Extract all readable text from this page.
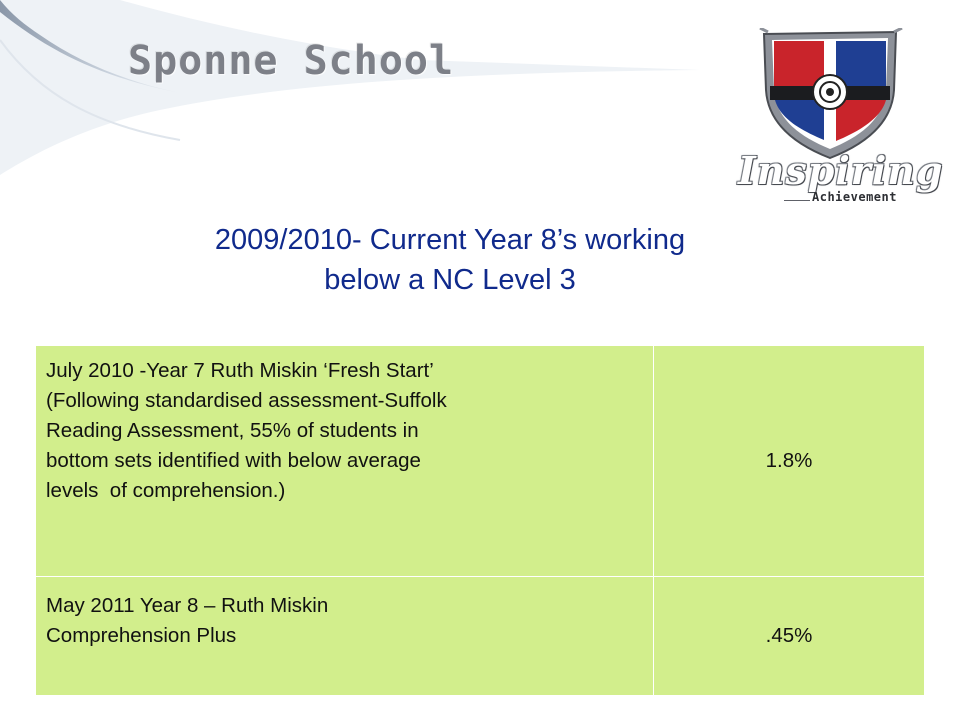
Sponne School
Inspiring
Achievement
2009/2010- Current Year 8’s working
below a NC Level 3
July 2010 -Year 7 Ruth Miskin ‘Fresh Start’
(Following standardised assessment-Suffolk
Reading Assessment, 55% of students in
bottom sets identified with below average
levels  of comprehension.)	1.8%

May 2011 Year 8 – Ruth Miskin
Comprehension Plus	.45%
